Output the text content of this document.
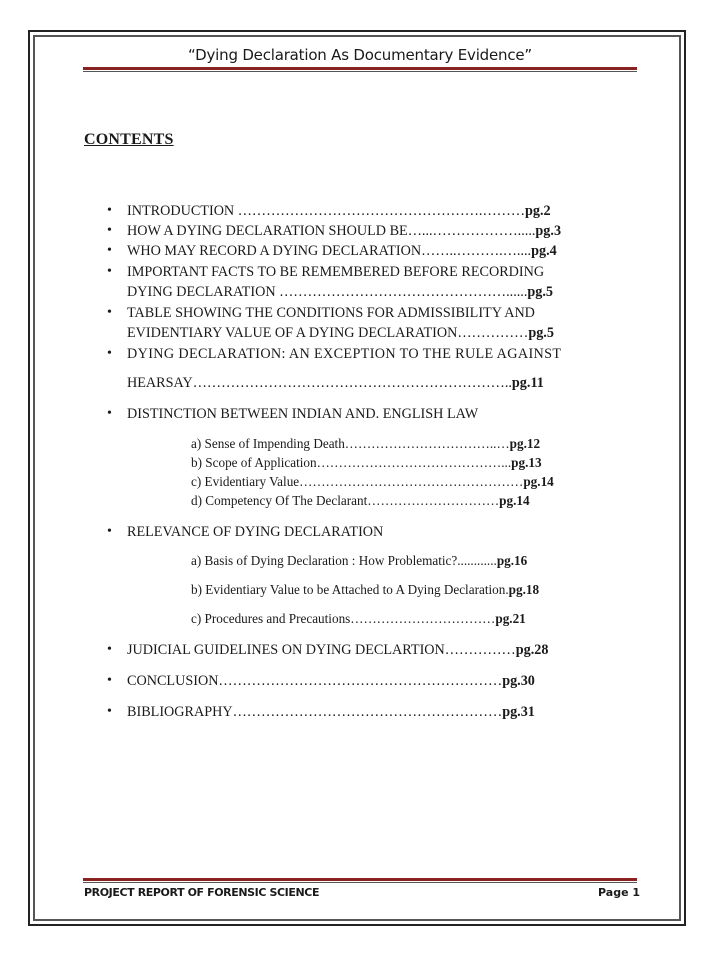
“Dying Declaration As Documentary Evidence”
CONTENTS
• INTRODUCTION …………………………………………….………pg.2
• HOW A DYING DECLARATION SHOULD BE…...……………….....pg.3
• WHO MAY RECORD A DYING DECLARATION……..……….…....pg.4
• IMPORTANT FACTS TO BE REMEMBERED BEFORE RECORDING
DYING DECLARATION …………………………………………......pg.5
• TABLE SHOWING THE CONDITIONS FOR ADMISSIBILITY AND
EVIDENTIARY VALUE OF A DYING DECLARATION……………pg.5
• DYING DECLARATION: AN EXCEPTION TO THE RULE AGAINST
HEARSAY…………………………………………………………..pg.11
• DISTINCTION BETWEEN INDIAN AND. ENGLISH LAW
a) Sense of Impending Death……………………………..…pg.12
b) Scope of Application……………………………………...pg.13
c) Evidentiary Value……………………………………………pg.14
d) Competency Of The Declarant…………………………pg.14
• RELEVANCE OF DYING DECLARATION
a) Basis of Dying Declaration : How Problematic?............pg.16
b) Evidentiary Value to be Attached to A Dying Declaration.pg.18
c) Procedures and Precautions……………………………pg.21
• JUDICIAL GUIDELINES ON DYING DECLARTION……………pg.28
• CONCLUSION……………………………………………………pg.30
• BIBLIOGRAPHY…………………………………………………pg.31
PROJECT REPORT OF FORENSIC SCIENCE	Page 1
